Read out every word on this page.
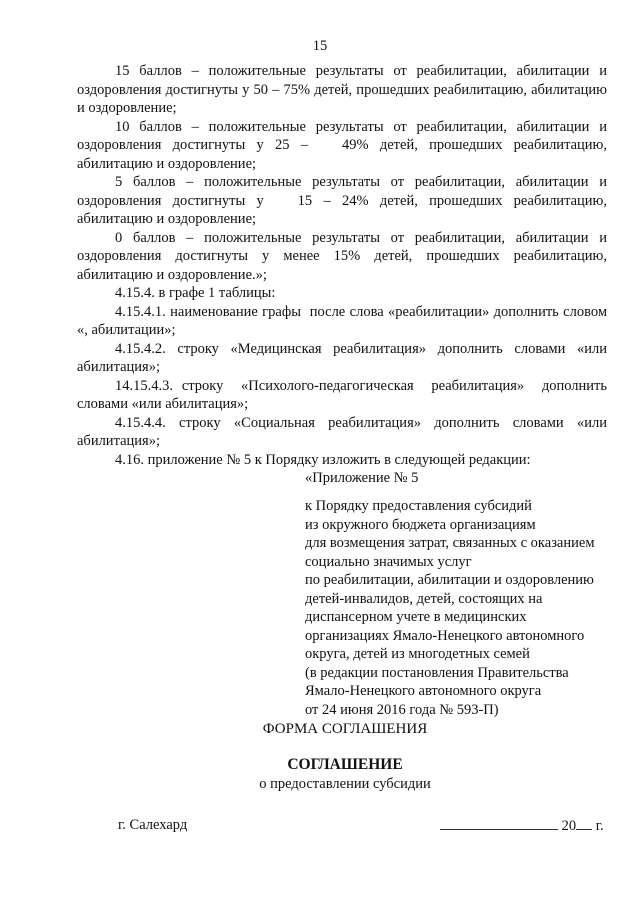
15

15 баллов – положительные результаты от реабилитации, абилитации и оздоровления достигнуты у 50 – 75% детей, прошедших реабилитацию, абилитацию и оздоровление;

10 баллов – положительные результаты от реабилитации, абилитации и оздоровления достигнуты у 25 –   49% детей, прошедших реабилитацию, абилитацию и оздоровление;

5 баллов – положительные результаты от реабилитации, абилитации и оздоровления достигнуты у   15 – 24% детей, прошедших реабилитацию, абилитацию и оздоровление;

0 баллов – положительные результаты от реабилитации, абилитации и оздоровления достигнуты у менее 15% детей, прошедших реабилитацию, абилитацию и оздоровление.»;

4.15.4. в графе 1 таблицы:

4.15.4.1. наименование графы  после слова «реабилитации» дополнить словом «, абилитации»;

4.15.4.2. строку «Медицинская реабилитация» дополнить словами «или абилитация»;

14.15.4.3. строку  «Психолого-педагогическая  реабилитация»  дополнить словами «или абилитация»;

4.15.4.4. строку «Социальная реабилитация» дополнить словами «или абилитация»;

4.16. приложение № 5 к Порядку изложить в следующей редакции:

«Приложение № 5
к Порядку предоставления субсидий
из окружного бюджета организациям
для возмещения затрат, связанных с оказанием
социально значимых услуг
по реабилитации, абилитации и оздоровлению
детей-инвалидов, детей, состоящих на
диспансерном учете в медицинских
организациях Ямало-Ненецкого автономного
округа, детей из многодетных семей
(в редакции постановления Правительства
Ямало-Ненецкого автономного округа
от 24 июня 2016 года № 593-П)
ФОРМА СОГЛАШЕНИЯ
СОГЛАШЕНИЕ
о предоставлении субсидии
г. Салехард	20 г.
